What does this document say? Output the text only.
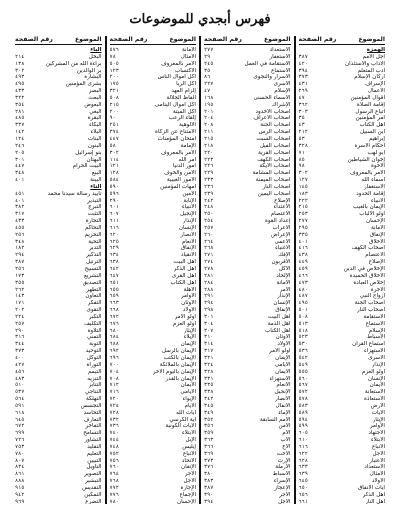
فهرس أبجدي للموضوعات
الموضوع
رقم الصفحة
الهمزة
أجل الأمم
٣٨٧
الآداب والاستئذان
٤٢٠
أدب المتعلم
٣٩٤
أركان الإسلام
٣٧٣
الإسراف
٤٣١
الأعمال
٢٦٩
أقوال المؤمنين
٤٧
إقامة الصلاة
٣٦٢
اتباع الرسول
٣٠٣
أمر المؤمنين
٣٥
أهل الكتاب
٤٣
ابن السبيل
٢١٢
إبراهيم
٥٣
أحكام الأسرة
٣٢٨
أبو لهب
٧١
إخوان الشياطين
٨٥
الأخوة
٩٨
الأمر بالمعروف
٣٠٢
أسماء الله
١٢٧
الاستغفار
١٤٥
إقامة الحدود
١٨٣
الأنبياء
٢٢٢
الإيمان بالغيب
٢١٥
أولو الألباب
٢٥٣
الإحسان
٢٧٧
الأمانة
٢٩٥
الإنفاق
٣٣٥
الأخلاق
٤٠١
أصحاب الكهف
٤١٦
الاعتصام
٤٣٨
الإصلاح
٤٤٩
الإخلاص في الدين
٤٥٩
الأخلاق الحميدة
٤٦٦
إخلاص العبادة
٤٧٣
الآخرة
٤٨٠
أزواج النبي
٤٨٧
أصحاب الجنة
٤٩٥
أصحاب النار
٥٠١
الاستقامة
٥٠٨
الاستماع
٥١٣
الإسلام
٥١٨
الأسباط
٥٢٣
استماع القرآن
٥٣٠
الاستهزاء
٥٣٦
الأسرى
٥٤٢
الإنذار
٥٤٩
أولو العزم
٥٥٥
الإنسان
٥٦٠
الأيمان
٥٦٧
الاستعانة
٥٧٢
الاستعاذة
٥٧٨
الأرض
٥٨٣
الآيات
٥٨٩
الإيثار
٥٩٤
الأوامر
٥٩٩
الاجتهاد
٦٠٥
الابتلاء
٦١٠
الاتباع
٦١٦
الأجل
٦٢٢
الاعتبار
٦٢٨
الاستعداد
٦٣٣
الأمثال
٦٣٩
الأولاد
٦٤٥
آيات الأنفاق
٦٥٠
أهل الذكر
٦٥٦
أهل النار
٦٦١
الموضوع
رقم الصفحة
الاستعداد
٢٧٧
الاستغفار
٢٩
الاستقامة في العمل
٢٤٥
الاستماع
٣٥
الأسرار والنجوى
٨٦
الأسرى
٢٢٧
الإسلام
٤٧
الأسماء الحسنى
١٦٨
الإشراك
١٩٥
أصحاب الأخدود
٢٠١
أصحاب الأعراف
٢٠٤
أصحاب الجنة
٢٠٨
أصحاب الرس
٢١١
أصحاب السبت
٢١٥
أصحاب الفيل
٢١٨
أصحاب القرية
٢٢٠
أصحاب الكهف
٢٢٣
أصحاب الأيكة
٢٢٦
أصحاب المشأمة
٢٢٩
أصحاب الميمنة
٢٣٣
أصحاب النار
٢٣٦
أصحاب اليمين
٢٣٩
الإصلاح
٢٤٢
الاعتداء
٢٤٨
الاعتصام
٢٥٠
إعداد القوة
٢٥٤
الأعراب
٢٥٧
الإعراض
٢٦٠
الأعمى
٢٦٤
الأغنياء
٢٦٨
الإفك
٢٧١
الأقربون
٢٧٤
الأكل
٢٧٨
الإلحاد
٢٨١
الأمانة
٢٨٤
الأمر
٢٨٨
الإنذار
٢٩١
الإنسان
٢٩٤
الإنفاق
٢٩٨
أهل البيت
٣٠١
أهل الذمة
٣٠٤
أهل الكتاب
٣٠٧
الأوثان
٣١٠
الأولاد
٣١٤
أولو الأمر
٣١٧
الإيمان
٣٢١
الأيامى
٣٢٤
الأيمان
٣٢٨
الاستهزاء
٣٣١
الأنعام
٣٣٥
الإنجيل
٣٣٨
الأنصار
٣٤٢
الأنفال
٣٤٥
الإماء
٣٤٩
الأمم السابقة
٣٥٢
الأمن
٣٥٦
الأم
٣٥٩
الأب
٣٦٣
الأخ
٣٦٦
الأخت
٣٦٩
الإرث
٣٧٣
الأرملة
٣٧٦
الأسباط
٣٨٠
الإسراء
٣٨٣
الإعجاز
٣٨٧
الأجر
٣٩٠
الأجل
٣٩٤
الموضوع
رقم الصفحة
الأمانة
٥٧٦
الأمثال
٧٨
الأمر بالمعروف
٥٠٥
الاكتساب
١٢٣
أكل أموال الناس
٢٠٠
أكل الربا
١٧٥
إلزام العهد
٣٢١
ألفاظ الجلالة
٥٠٨
أكل أموال اليتامى
٢١٥
أكل الميتة
٢٠٠
إلقاء الرعب
٩٠
الألوهية
٢٥١
الامتناع عن الزكاة
٣٧٤
امتحان المؤمنات
٤٤٧
الإمامة
٥٨
الأمر بالمعروف
٣٠٢
أمر الله
١١٤
أمور الدنيا
١٢١
الأمن والخوف
١٢٨
الأمور الغيبية
٥٨٤
أمهات المؤمنين
٥٩٠
الأمين
٥٩٦
الإنابة
٢٩٠
الأنبياء
٦٠١
الإنجيل
٦٠٧
الإنذار
٦١١
الإنسان
٦١٦
الأنصار
٦٢٠
الأنعام
٦٢٥
الإنفاق
٦٢٩
الانقياد
٦٣٤
أهل البيت
٦٣٨
أهل الذكر
٦٤٢
أهل القرى
٦٤٧
أهل الكتاب
٦٥١
الأهلة
٦٥٥
الأوامر
٦٥٩
الأوثان
٦٦٣
الأولاد
٦٦٨
أولو الأمر
٦٧٢
أولو العزم
٦٧٦
الإيثار
٦٨٠
الإيلاء
٦٨٤
الإيمان
٦٨٨
الإيمان بالرسل
٦٩٢
الإيمان بالكتب
٦٩٦
الإيمان بالملائكة
٧٠٠
الإيمان باليوم الآخر
٧٠٤
الإيمان بالقدر
٧٠٨
الأيمان
٧١٢
الأيامى
٧١٦
الإيواء
٧٢٠
الأيام
٧٢٤
آيات الله
٧٢٨
آية الكرسي
٧٣٢
الآيات الكونية
٧٣٦
الابتلاء
٧٤٠
الإبل
٧٤٤
إبليس
٧٤٨
الاتباع
٧٥٢
الاتحاد
٧٥٦
الإتقان
٧٦٠
الأجر
٧٦٤
الأجل
٧٦٨
الإجارة
٧٧٢
الإجماع
٧٧٦
الإحسان
٧٨٠
الموضوع
رقم الصفحة
الباء
البخل
٢١٤
براءة الله من المشركين
١٣٨
بر الوالدين
٣٠٢
البشارة
٤٩٣
بشرى المؤمنين
٤٩٥
البصر
٤٣٣
البعث
٣٢٢
البعوض
٣٥٤
البغي
٢٨١
البقرة
٤٨٥
البكاء
٣٣٧
البلاء
١٤٢
البنات
١٢٤
البنون
٢٤٦
بنو إسرائيل
٢٠٥
البهتان
٣٠١
البيت الحرام
٤٤٧
البيع
٣٤٨
البينة
٤٠١
التاء
تأييد رسالة سيدنا محمد
٤٥١
التبذير
٤٠١
التبرج
٣٨٢
التثبت
٣١٧
التجارة
٤٣٣
التحاكم
٤٥٥
التحريم
٢٥٦
التحية
٣٤٨
التدبر
١٨٢
التذكير
٢٩٤
الترتيل
٣٨٧
التسبيح
٢٥٦
التشريع
١٧٣
التصديق
٣٥٥
التطهر
٢٦٢
التعاون
١٤٣
التفكر
١٧١
التقوى
٢٠٢
التكبر
٢٢٤
التكليف
٢٥٧
التلاوة
٢٩٠
التمني
٣١٦
التوبة
٣٤٤
التوحيد
٣٧٣
التوكل
٤٠٠
التوراة
٤٢٧
التيمم
٤٥٦
التنزيه
٤٨٣
التنابز
٥١٠
التناجي
٥٣٧
التهلكة
٥٦٤
التجسس
٥٩١
التحاسد
٦١٨
التعارف
٦٤٥
التفاخر
٦٧٢
التسامح
٦٩٩
التشاور
٧٢٦
التقليد
٧٥٣
التعليم
٧٨٠
التبيين
٨٠٧
التأويل
٨٣٤
التصوير
٨٦١
التبشير
٨٨٨
التقديس
٩١٥
التمكين
٩٤٢
التضرع
٩٦٩
